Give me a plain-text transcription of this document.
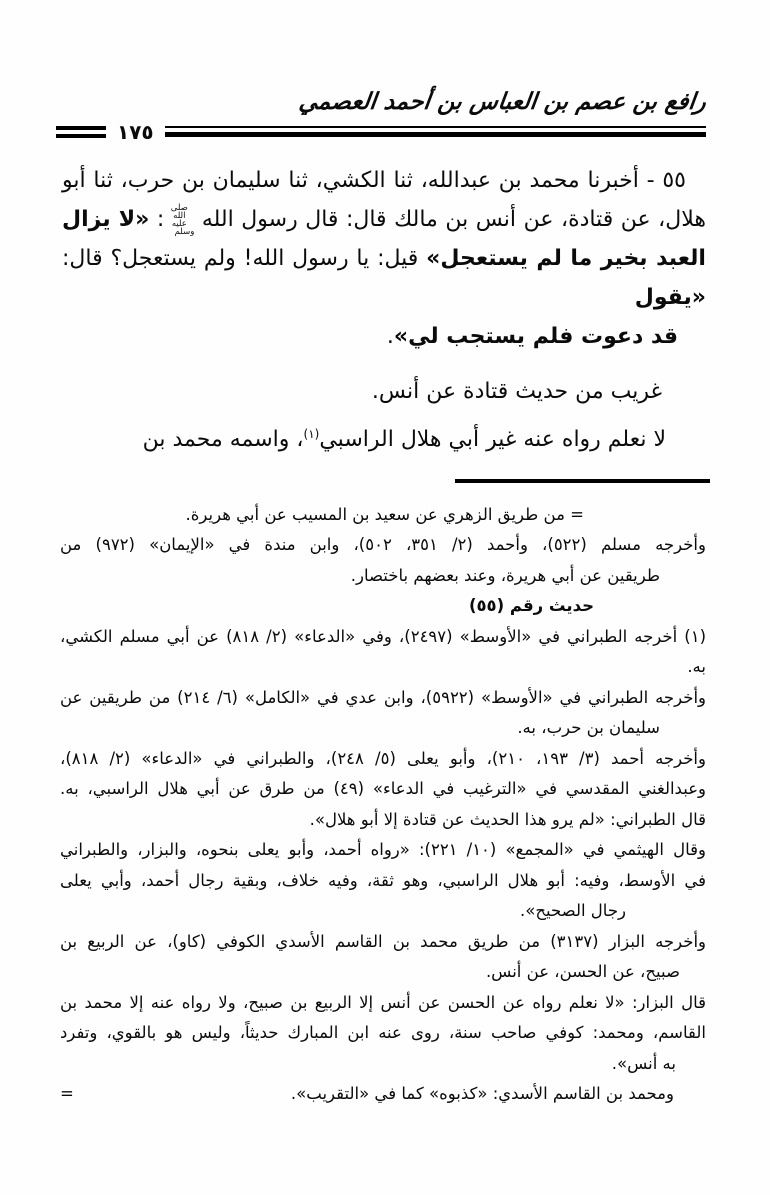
رافع بن عصم بن العباس بن أحمد العصمي
١٧٥
٥٥ - أخبرنا محمد بن عبدالله، ثنا الكشي، ثنا سليمان بن حرب، ثنا أبو
هلال، عن قتادة، عن أنس بن مالك قال: قال رسول الله صلى الله عليه وسلم: «لا يزال
العبد بخير ما لم يستعجل» قيل: يا رسول الله! ولم يستعجل؟ قال: «يقول
قد دعوت فلم يستجب لي».
غريب من حديث قتادة عن أنس.
لا نعلم رواه عنه غير أبي هلال الراسبي$^{(١)}$، واسمه محمد بن
= من طريق الزهري عن سعيد بن المسيب عن أبي هريرة.
وأخرجه مسلم (٥٢٢)، وأحمد (٢/ ٣٥١، ٥٠٢)، وابن مندة في «الإيمان» (٩٧٢) من
طريقين عن أبي هريرة، وعند بعضهم باختصار.
حديث رقم (٥٥)
(١) أخرجه الطبراني في «الأوسط» (٢٤٩٧)، وفي «الدعاء» (٢/ ٨١٨) عن أبي مسلم الكشي، به.
وأخرجه الطبراني في «الأوسط» (٥٩٢٢)، وابن عدي في «الكامل» (٦/ ٢١٤) من طريقين عن
سليمان بن حرب، به.
وأخرجه أحمد (٣/ ١٩٣، ٢١٠)، وأبو يعلى (٥/ ٢٤٨)، والطبراني في «الدعاء» (٢/ ٨١٨)،
وعبدالغني المقدسي في «الترغيب في الدعاء» (٤٩) من طرق عن أبي هلال الراسبي، به.
قال الطبراني: «لم يرو هذا الحديث عن قتادة إلا أبو هلال».
وقال الهيثمي في «المجمع» (١٠/ ٢٢١): «رواه أحمد، وأبو يعلى بنحوه، والبزار، والطبراني
في الأوسط، وفيه: أبو هلال الراسبي، وهو ثقة، وفيه خلاف، وبقية رجال أحمد، وأبي يعلى
رجال الصحيح».
وأخرجه البزار (٣١٣٧) من طريق محمد بن القاسم الأسدي الكوفي (كاو)، عن الربيع بن
صبيح، عن الحسن، عن أنس.
قال البزار: «لا نعلم رواه عن الحسن عن أنس إلا الربيع بن صبيح، ولا رواه عنه إلا محمد بن
القاسم، ومحمد: كوفي صاحب سنة، روى عنه ابن المبارك حديثاً، وليس هو بالقوي، وتفرد
به أنس».
=	ومحمد بن القاسم الأسدي: «كذبوه» كما في «التقريب».
